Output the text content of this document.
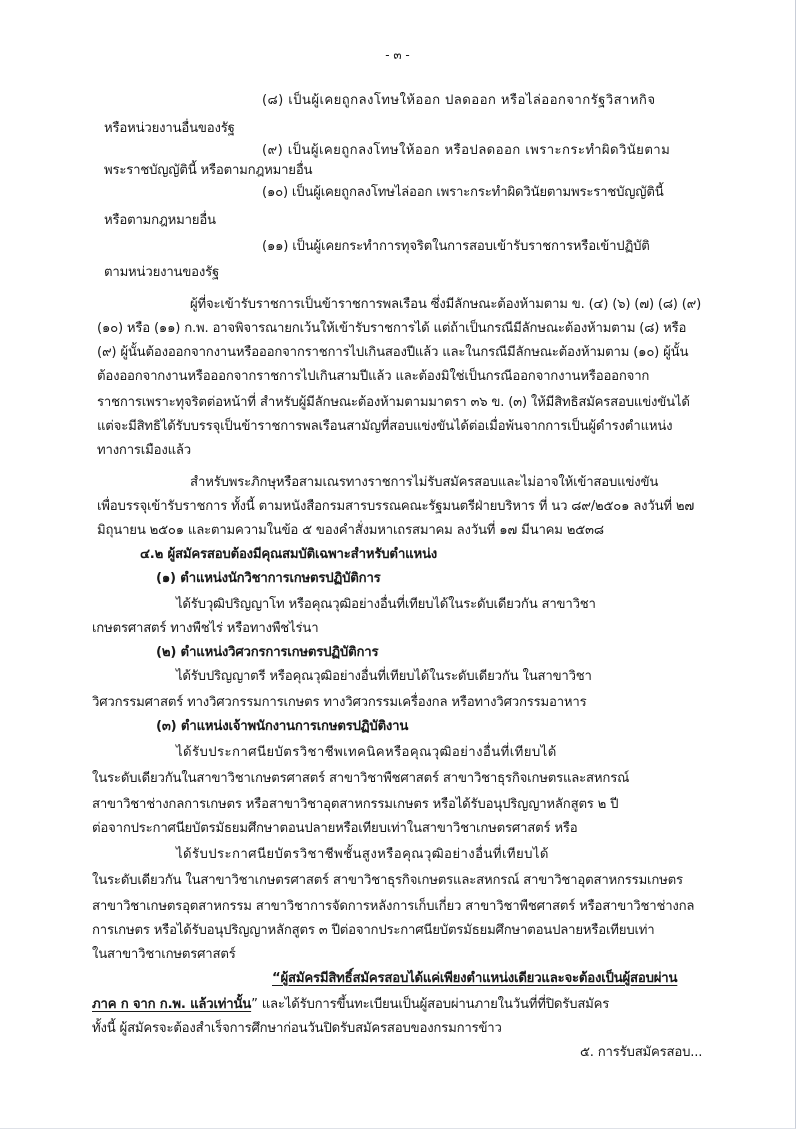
- ๓ -
(๘) เป็นผู้เคยถูกลงโทษให้ออก ปลดออก หรือไล่ออกจากรัฐวิสาหกิจ
หรือหน่วยงานอื่นของรัฐ
(๙) เป็นผู้เคยถูกลงโทษให้ออก หรือปลดออก เพราะกระทำผิดวินัยตาม
พระราชบัญญัตินี้ หรือตามกฎหมายอื่น
(๑๐) เป็นผู้เคยถูกลงโทษไล่ออก เพราะกระทำผิดวินัยตามพระราชบัญญัตินี้
หรือตามกฎหมายอื่น
(๑๑) เป็นผู้เคยกระทำการทุจริตในการสอบเข้ารับราชการหรือเข้าปฏิบัติ
ตามหน่วยงานของรัฐ
ผู้ที่จะเข้ารับราชการเป็นข้าราชการพลเรือน ซึ่งมีลักษณะต้องห้ามตาม ข. (๔) (๖) (๗) (๘) (๙)
(๑๐) หรือ (๑๑) ก.พ. อาจพิจารณายกเว้นให้เข้ารับราชการได้ แต่ถ้าเป็นกรณีมีลักษณะต้องห้ามตาม (๘) หรือ
(๙) ผู้นั้นต้องออกจากงานหรือออกจากราชการไปเกินสองปีแล้ว และในกรณีมีลักษณะต้องห้ามตาม (๑๐) ผู้นั้น
ต้องออกจากงานหรือออกจากราชการไปเกินสามปีแล้ว และต้องมิใช่เป็นกรณีออกจากงานหรือออกจาก
ราชการเพราะทุจริตต่อหน้าที่ สำหรับผู้มีลักษณะต้องห้ามตามมาตรา ๓๖ ข. (๓) ให้มีสิทธิสมัครสอบแข่งขันได้
แต่จะมีสิทธิได้รับบรรจุเป็นข้าราชการพลเรือนสามัญที่สอบแข่งขันได้ต่อเมื่อพ้นจากการเป็นผู้ดำรงตำแหน่ง
ทางการเมืองแล้ว
สำหรับพระภิกษุหรือสามเณรทางราชการไม่รับสมัครสอบและไม่อาจให้เข้าสอบแข่งขัน
เพื่อบรรจุเข้ารับราชการ ทั้งนี้ ตามหนังสือกรมสารบรรณคณะรัฐมนตรีฝ่ายบริหาร ที่ นว ๘๙/๒๕๐๑ ลงวันที่ ๒๗
มิถุนายน ๒๕๐๑ และตามความในข้อ ๕ ของคำสั่งมหาเถรสมาคม ลงวันที่ ๑๗ มีนาคม ๒๕๓๘
๔.๒ ผู้สมัครสอบต้องมีคุณสมบัติเฉพาะสำหรับตำแหน่ง
(๑) ตำแหน่งนักวิชาการเกษตรปฏิบัติการ
ได้รับวุฒิปริญญาโท หรือคุณวุฒิอย่างอื่นที่เทียบได้ในระดับเดียวกัน สาขาวิชา
เกษตรศาสตร์ ทางพืชไร่ หรือทางพืชไร่นา
(๒) ตำแหน่งวิศวกรการเกษตรปฏิบัติการ
ได้รับปริญญาตรี หรือคุณวุฒิอย่างอื่นที่เทียบได้ในระดับเดียวกัน ในสาขาวิชา
วิศวกรรมศาสตร์ ทางวิศวกรรมการเกษตร ทางวิศวกรรมเครื่องกล หรือทางวิศวกรรมอาหาร
(๓) ตำแหน่งเจ้าพนักงานการเกษตรปฏิบัติงาน
ได้รับประกาศนียบัตรวิชาชีพเทคนิคหรือคุณวุฒิอย่างอื่นที่เทียบได้
ในระดับเดียวกันในสาขาวิชาเกษตรศาสตร์ สาขาวิชาพืชศาสตร์ สาขาวิชาธุรกิจเกษตรและสหกรณ์
สาขาวิชาช่างกลการเกษตร หรือสาขาวิชาอุตสาหกรรมเกษตร หรือได้รับอนุปริญญาหลักสูตร ๒ ปี
ต่อจากประกาศนียบัตรมัธยมศึกษาตอนปลายหรือเทียบเท่าในสาขาวิชาเกษตรศาสตร์ หรือ
ได้รับประกาศนียบัตรวิชาชีพชั้นสูงหรือคุณวุฒิอย่างอื่นที่เทียบได้
ในระดับเดียวกัน ในสาขาวิชาเกษตรศาสตร์ สาขาวิชาธุรกิจเกษตรและสหกรณ์ สาขาวิชาอุตสาหกรรมเกษตร
สาขาวิชาเกษตรอุตสาหกรรม สาขาวิชาการจัดการหลังการเก็บเกี่ยว สาขาวิชาพืชศาสตร์ หรือสาขาวิชาช่างกล
การเกษตร หรือได้รับอนุปริญญาหลักสูตร ๓ ปีต่อจากประกาศนียบัตรมัธยมศึกษาตอนปลายหรือเทียบเท่า
ในสาขาวิชาเกษตรศาสตร์
“ผู้สมัครมีสิทธิ์สมัครสอบได้แค่เพียงตำแหน่งเดียวและจะต้องเป็นผู้สอบผ่าน
ภาค ก จาก ก.พ. แล้วเท่านั้น” และได้รับการขึ้นทะเบียนเป็นผู้สอบผ่านภายในวันที่ที่ปิดรับสมัคร
ทั้งนี้ ผู้สมัครจะต้องสำเร็จการศึกษาก่อนวันปิดรับสมัครสอบของกรมการข้าว
๕. การรับสมัครสอบ...
